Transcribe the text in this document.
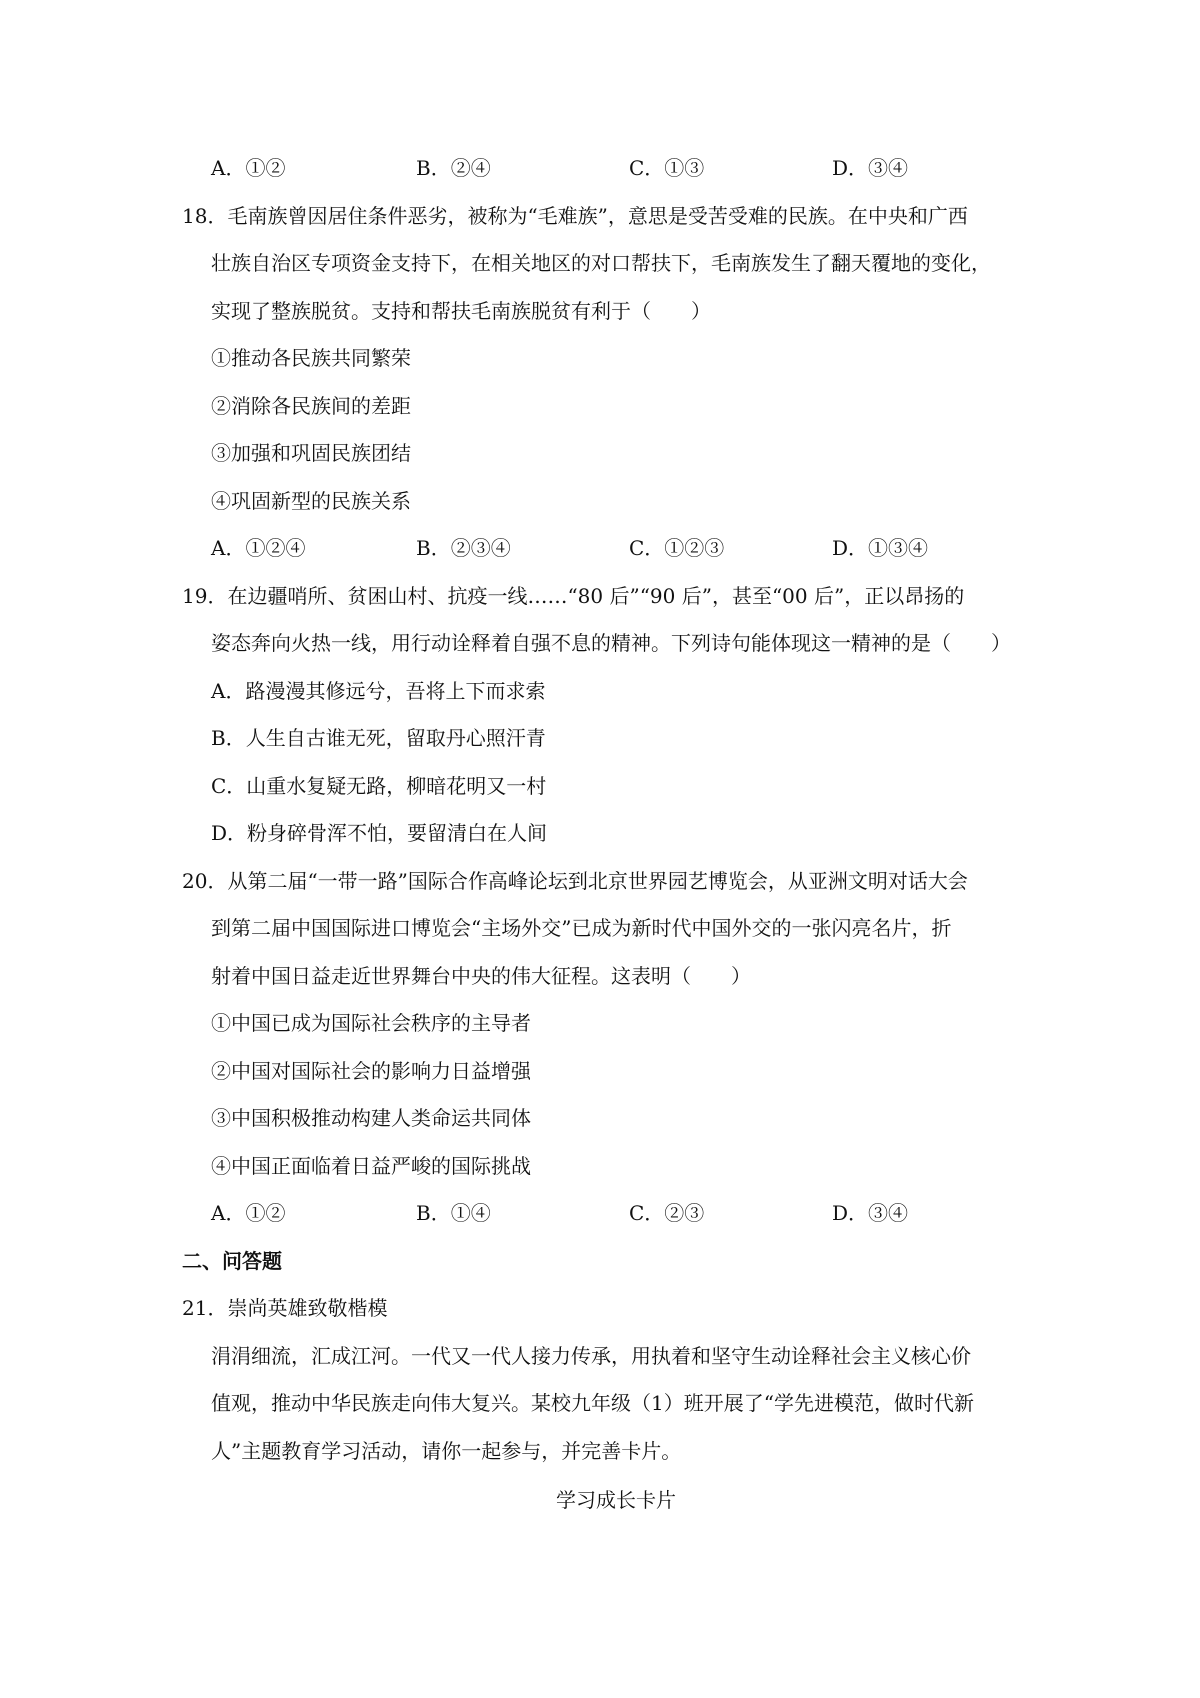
A．①②	B．②④	C．①③	D．③④
18．毛南族曾因居住条件恶劣，被称为“毛难族”，意思是受苦受难的民族。在中央和广西
壮族自治区专项资金支持下，在相关地区的对口帮扶下，毛南族发生了翻天覆地的变化，
实现了整族脱贫。支持和帮扶毛南族脱贫有利于（　　）
①推动各民族共同繁荣
②消除各民族间的差距
③加强和巩固民族团结
④巩固新型的民族关系
A．①②④	B．②③④	C．①②③	D．①③④
19．在边疆哨所、贫困山村、抗疫一线……“80 后”“90 后”，甚至“00 后”，正以昂扬的
姿态奔向火热一线，用行动诠释着自强不息的精神。下列诗句能体现这一精神的是（　　）
A．路漫漫其修远兮，吾将上下而求索
B．人生自古谁无死，留取丹心照汗青
C．山重水复疑无路，柳暗花明又一村
D．粉身碎骨浑不怕，要留清白在人间
20．从第二届“一带一路”国际合作高峰论坛到北京世界园艺博览会，从亚洲文明对话大会
到第二届中国国际进口博览会“主场外交”已成为新时代中国外交的一张闪亮名片，折
射着中国日益走近世界舞台中央的伟大征程。这表明（　　）
①中国已成为国际社会秩序的主导者
②中国对国际社会的影响力日益增强
③中国积极推动构建人类命运共同体
④中国正面临着日益严峻的国际挑战
A．①②	B．①④	C．②③	D．③④
二、问答题
21．崇尚英雄致敬楷模
涓涓细流，汇成江河。一代又一代人接力传承，用执着和坚守生动诠释社会主义核心价
值观，推动中华民族走向伟大复兴。某校九年级（1）班开展了“学先进模范，做时代新
人”主题教育学习活动，请你一起参与，并完善卡片。
学习成长卡片
